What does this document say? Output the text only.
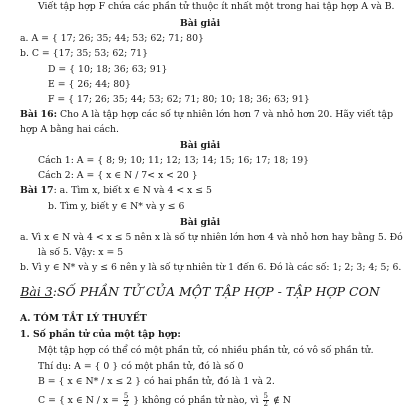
Viết tập hợp F chứa các phần tử thuộc ít nhất một trong hai tập hợp A và B.
Bài giải
a. A = { 17; 26; 35; 44; 53; 62; 71; 80}
b. C = {17; 35; 53; 62; 71}
D = { 10; 18; 36; 63; 91}
E = { 26; 44; 80}
F = { 17; 26; 35; 44; 53; 62; 71; 80; 10; 18; 36; 63; 91}
Bài 16: Cho A là tập hợp các số tự nhiên lớn hơn 7 và nhỏ hơn 20. Hãy viết tập
hợp A bằng hai cách.
Bài giải
Cách 1: A = { 8; 9; 10; 11; 12; 13; 14; 15; 16; 17; 18; 19}
Cách 2: A = { x ∈ N / 7< x < 20 }
Bài 17: a. Tìm x, biết x ∈ N và 4 < x ≤ 5
b. Tìm y, biết y ∈ N* và y ≤ 6
Bài giải
a. Vì x ∈ N và 4 < x ≤ 5 nên x là số tự nhiên lớn hơn 4 và nhỏ hơn hay bằng 5. Đó
là số 5. Vậy: x = 5
b. Vì y ∈ N* và y ≤ 6 nên y là số tự nhiên từ 1 đến 6. Đó là các số: 1; 2; 3; 4; 5; 6.
Bài 3:SỐ PHẦN TỬ CỦA MỘT TẬP HỢP - TẬP HỢP CON
A. TÓM TẮT LÝ THUYẾT
1. Số phần tử của một tập hợp:
Một tập hợp có thể có một phần tử, có nhiều phần tử, có vô số phần tử.
Thí dụ: A = { 0 } có một phần tử, đó là số 0
B = { x ∈ N* / x ≤ 2 } có hai phần tử, đó là 1 và 2.
C = { x ∈ $N / x = \frac{5}{2}$ } không có phần tử nào, vì $\frac{5}{2}$ ∉ N
